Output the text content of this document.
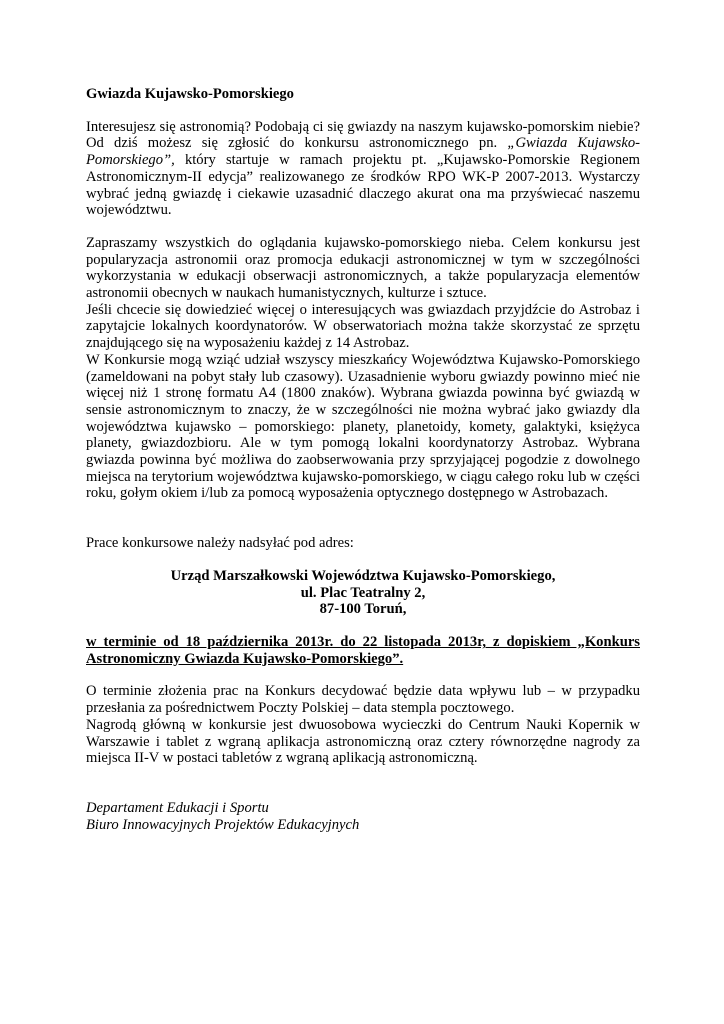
Gwiazda Kujawsko-Pomorskiego

Interesujesz się astronomią? Podobają ci się gwiazdy na naszym kujawsko-pomorskim niebie? Od dziś możesz się zgłosić do konkursu astronomicznego pn. „Gwiazda Kujawsko-Pomorskiego”, który startuje w ramach projektu pt. „Kujawsko-Pomorskie Regionem Astronomicznym-II edycja” realizowanego ze środków RPO WK-P 2007-2013. Wystarczy wybrać jedną gwiazdę i ciekawie uzasadnić dlaczego akurat ona ma przyświecać naszemu województwu.

Zapraszamy wszystkich do oglądania kujawsko-pomorskiego nieba. Celem konkursu jest popularyzacja astronomii oraz promocja edukacji astronomicznej w tym w szczególności wykorzystania w edukacji obserwacji astronomicznych, a także popularyzacja elementów astronomii obecnych w naukach humanistycznych, kulturze i sztuce.

Jeśli chcecie się dowiedzieć więcej o interesujących was gwiazdach przyjdźcie do Astrobaz i zapytajcie lokalnych koordynatorów. W obserwatoriach można także skorzystać ze sprzętu znajdującego się na wyposażeniu każdej z 14 Astrobaz.

W Konkursie mogą wziąć udział wszyscy mieszkańcy Województwa Kujawsko-Pomorskiego (zameldowani na pobyt stały lub czasowy). Uzasadnienie wyboru gwiazdy powinno mieć nie więcej niż 1 stronę formatu A4 (1800 znaków). Wybrana gwiazda powinna być gwiazdą w sensie astronomicznym to znaczy, że w szczególności nie można wybrać jako gwiazdy dla województwa kujawsko – pomorskiego: planety, planetoidy, komety, galaktyki, księżyca planety, gwiazdozbioru. Ale w tym pomogą lokalni koordynatorzy Astrobaz. Wybrana gwiazda powinna być możliwa do zaobserwowania przy sprzyjającej pogodzie z dowolnego miejsca na terytorium województwa kujawsko-pomorskiego, w ciągu całego roku lub w części roku, gołym okiem i/lub za pomocą wyposażenia optycznego dostępnego w Astrobazach.

Prace konkursowe należy nadsyłać pod adres:

Urząd Marszałkowski Województwa Kujawsko-Pomorskiego,

ul. Plac Teatralny 2,

87-100 Toruń,

w terminie od 18 października 2013r. do 22 listopada 2013r, z dopiskiem „Konkurs Astronomiczny Gwiazda Kujawsko-Pomorskiego”.

O terminie złożenia prac na Konkurs decydować będzie data wpływu lub – w przypadku przesłania za pośrednictwem Poczty Polskiej – data stempla pocztowego.

Nagrodą główną w konkursie jest dwuosobowa wycieczki do Centrum Nauki Kopernik w Warszawie i tablet z wgraną aplikacja astronomiczną oraz cztery równorzędne nagrody za miejsca II-V w postaci tabletów z wgraną aplikacją astronomiczną.

Departament Edukacji i Sportu

Biuro Innowacyjnych Projektów Edukacyjnych
